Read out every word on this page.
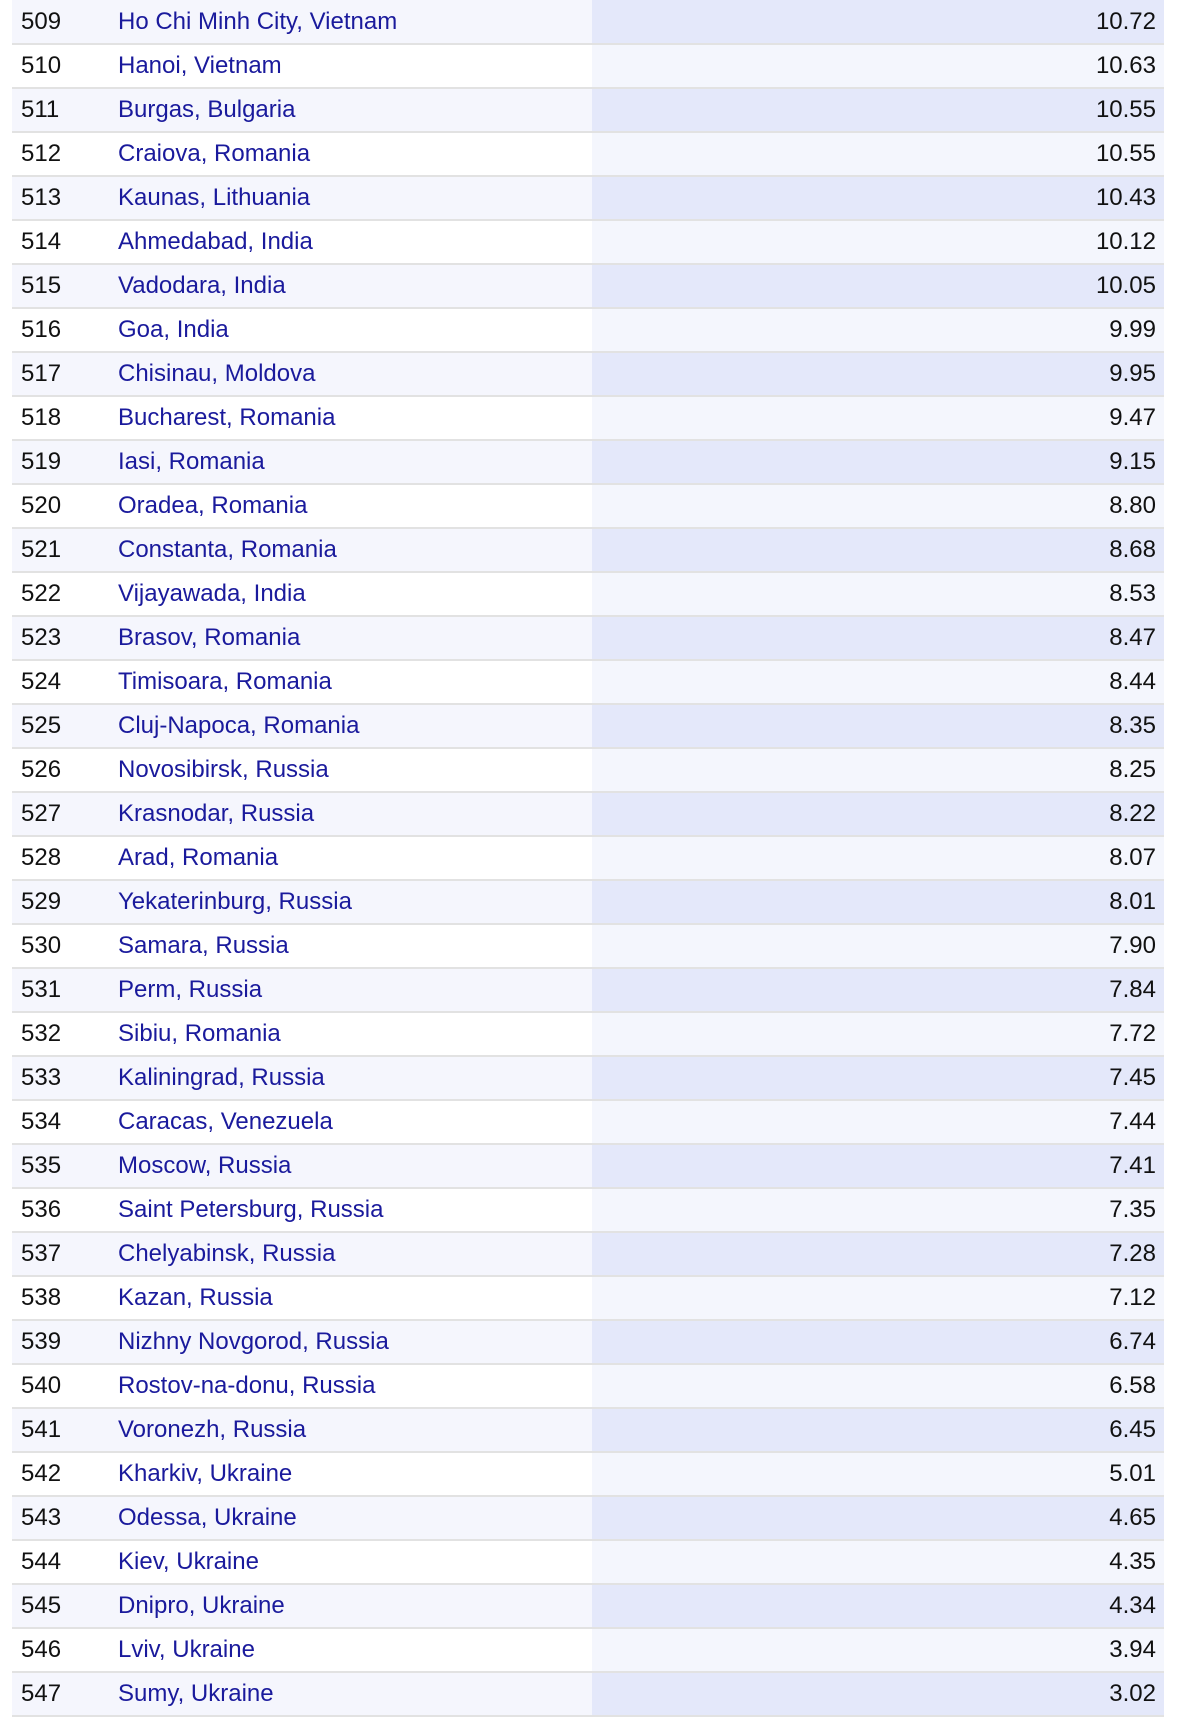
509	Ho Chi Minh City, Vietnam	10.72
510	Hanoi, Vietnam	10.63
511	Burgas, Bulgaria	10.55
512	Craiova, Romania	10.55
513	Kaunas, Lithuania	10.43
514	Ahmedabad, India	10.12
515	Vadodara, India	10.05
516	Goa, India	9.99
517	Chisinau, Moldova	9.95
518	Bucharest, Romania	9.47
519	Iasi, Romania	9.15
520	Oradea, Romania	8.80
521	Constanta, Romania	8.68
522	Vijayawada, India	8.53
523	Brasov, Romania	8.47
524	Timisoara, Romania	8.44
525	Cluj-Napoca, Romania	8.35
526	Novosibirsk, Russia	8.25
527	Krasnodar, Russia	8.22
528	Arad, Romania	8.07
529	Yekaterinburg, Russia	8.01
530	Samara, Russia	7.90
531	Perm, Russia	7.84
532	Sibiu, Romania	7.72
533	Kaliningrad, Russia	7.45
534	Caracas, Venezuela	7.44
535	Moscow, Russia	7.41
536	Saint Petersburg, Russia	7.35
537	Chelyabinsk, Russia	7.28
538	Kazan, Russia	7.12
539	Nizhny Novgorod, Russia	6.74
540	Rostov-na-donu, Russia	6.58
541	Voronezh, Russia	6.45
542	Kharkiv, Ukraine	5.01
543	Odessa, Ukraine	4.65
544	Kiev, Ukraine	4.35
545	Dnipro, Ukraine	4.34
546	Lviv, Ukraine	3.94
547	Sumy, Ukraine	3.02
